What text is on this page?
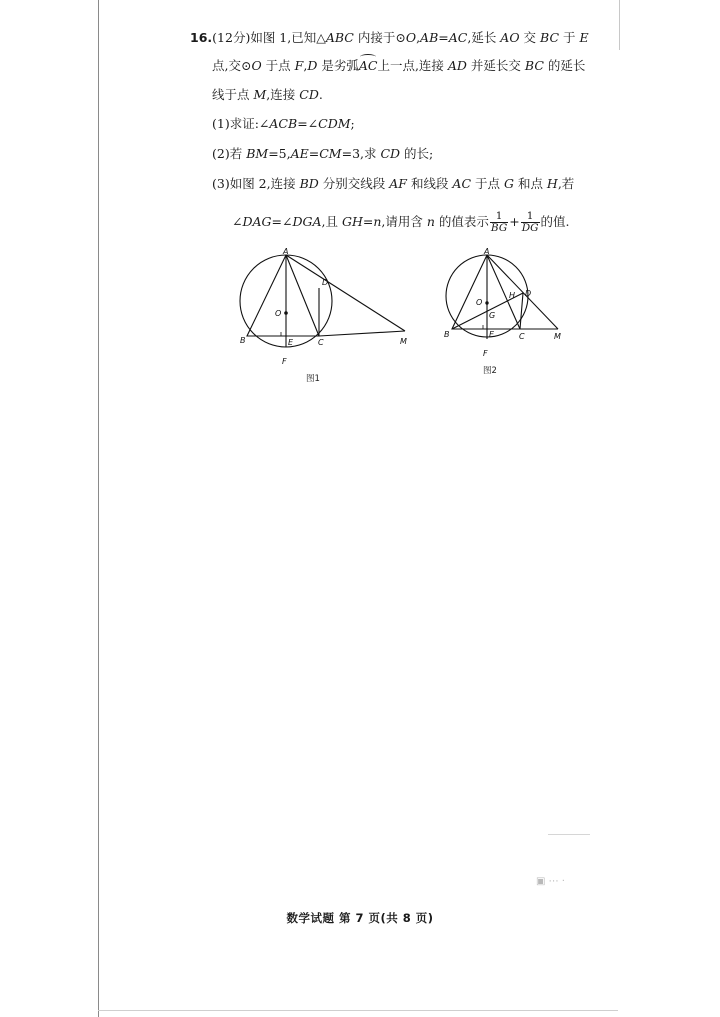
16.(12分)如图 1,已知△ABC 内接于⊙O,AB=AC,延长 AO 交 BC 于 E
点,交⊙O 于点 F,D 是劣弧AC上一点,连接 AD 并延长交 BC 的延长
线于点 M,连接 CD.
(1)求证:∠ACB=∠CDM;
(2)若 BM=5,AE=CM=3,求 CD 的长;
(3)如图 2,连接 BD 分别交线段 AF 和线段 AC 于点 G 和点 H,若
∠DAG=∠DGA,且 GH=n,请用含 n 的值表示 $\frac{1}{BG} + \frac{1}{DG}$ 的值.
A
D
O
B	E	C
F
M
图1
A
D
H
O
G
E
B	C
F
M
图2
▣ ⋯ ·
数学试题 第 7 页(共 8 页)
